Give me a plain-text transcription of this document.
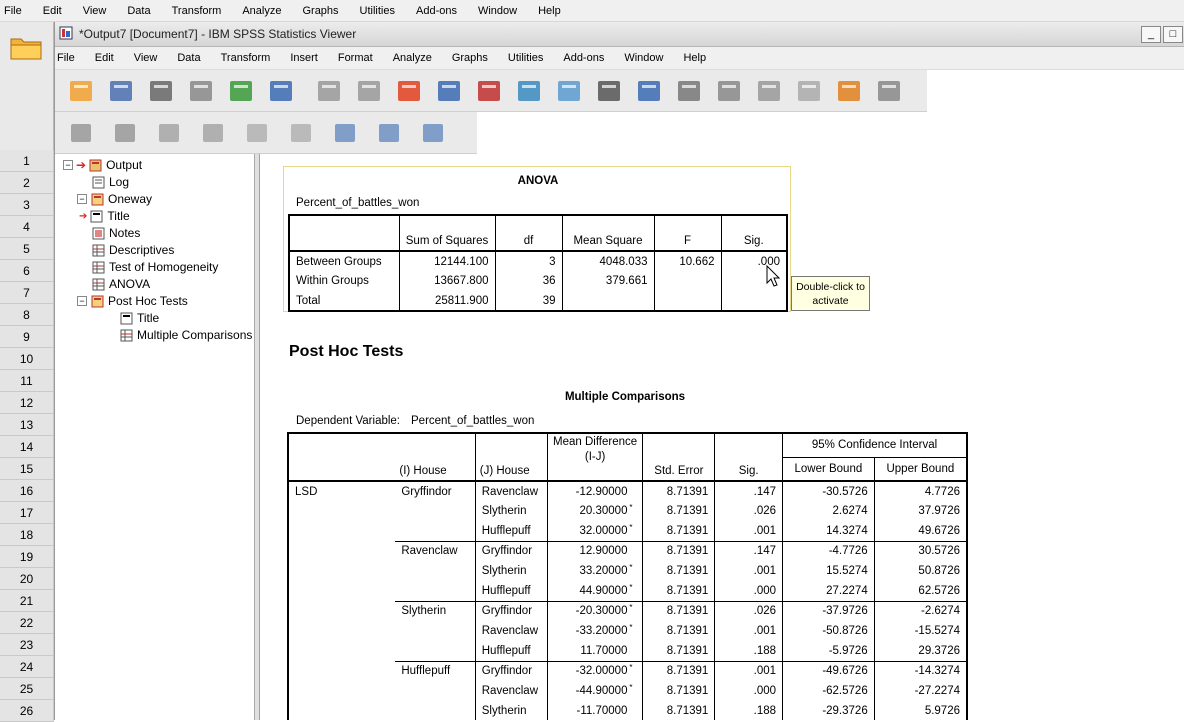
File Edit View Data Transform Analyze Graphs Utilities Add-ons Window Help
1
2
3
4
5
6
7
8
9
10
11
12
13
14
15
16
17
18
19
20
21
22
23
24
25
26
*Output7 [Document7] - IBM SPSS Statistics Viewer	_	□
File Edit View Data Transform Insert Format Analyze Graphs Utilities Add-ons Window Help
− ➔ Output
Log
− Oneway
➔ Title
Notes
Descriptives
Test of Homogeneity
ANOVA
− Post Hoc Tests
Title
Multiple Comparisons
ANOVA
Percent_of_battles_won
	Sum of Squares	df	Mean Square	F	Sig.
Between Groups	12144.100	3	4048.033	10.662	.000
Within Groups	13667.800	36	379.661		
Total	25811.900	39			
Double-click to activate
Post Hoc Tests
Multiple Comparisons
Dependent Variable: Percent_of_battles_won
	(I) House	(J) House	Mean Difference (I-J)	Std. Error	Sig.	95% Confidence Interval	
						Lower Bound	Upper Bound
LSD	Gryffindor	Ravenclaw	-12.90000	8.71391	.147	-30.5726	4.7726
		Slytherin	20.30000 *	8.71391	.026	2.6274	37.9726
		Hufflepuff	32.00000 *	8.71391	.001	14.3274	49.6726
	Ravenclaw	Gryffindor	12.90000	8.71391	.147	-4.7726	30.5726
		Slytherin	33.20000 *	8.71391	.001	15.5274	50.8726
		Hufflepuff	44.90000 *	8.71391	.000	27.2274	62.5726
	Slytherin	Gryffindor	-20.30000 *	8.71391	.026	-37.9726	-2.6274
		Ravenclaw	-33.20000 *	8.71391	.001	-50.8726	-15.5274
		Hufflepuff	11.70000	8.71391	.188	-5.9726	29.3726
	Hufflepuff	Gryffindor	-32.00000 *	8.71391	.001	-49.6726	-14.3274
		Ravenclaw	-44.90000 *	8.71391	.000	-62.5726	-27.2274
		Slytherin	-11.70000	8.71391	.188	-29.3726	5.9726
